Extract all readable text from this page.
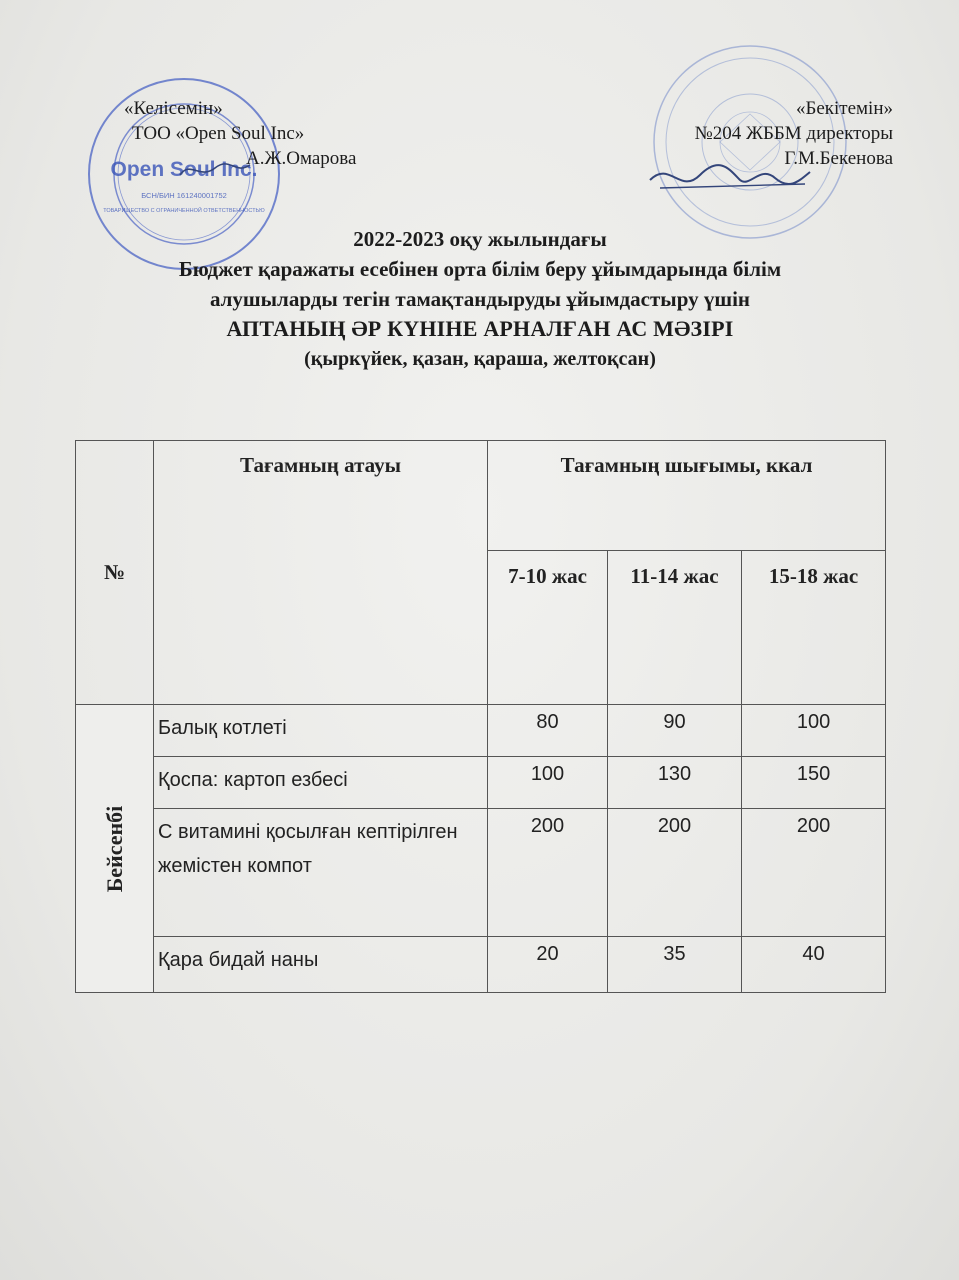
Open Soul Inc.
БСН/БИН 161240001752
ТОВАРИЩЕСТВО С ОГРАНИЧЕННОЙ ОТВЕТСТВЕННОСТЬЮ
«Келісемін»
ТОО «Open Soul Inc»
А.Ж.Омарова
«Бекітемін»
№204 ЖББМ директоры
Г.М.Бекенова
2022-2023 оқу жылындағы
Бюджет қаражаты есебінен орта білім беру ұйымдарында білім
алушыларды тегін тамақтандыруды ұйымдастыру үшін
АПТАНЫҢ ӘР КҮНІНЕ АРНАЛҒАН АС МӘЗІРІ
(қыркүйек, қазан, қараша, желтоқсан)
№	Тағамның атауы	Тағамның шығымы, ккал		
		7-10 жас	11-14 жас	15-18 жас

Бейсенбі	Балық котлеті	80	90	100
	Қоспа: картоп езбесі	100	130	150
	С витамині қосылған кептірілген жемістен компот	200	200	200
	Қара бидай наны	20	35	40
